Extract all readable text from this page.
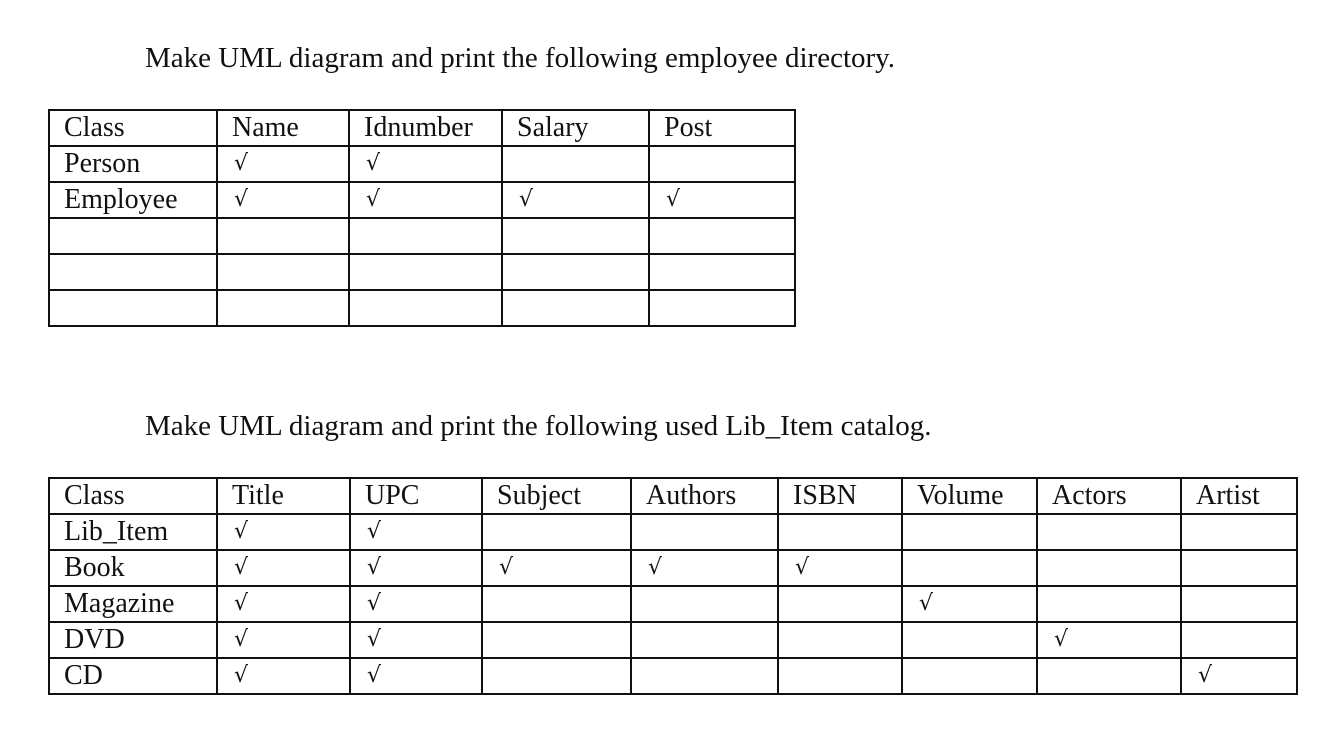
Make UML diagram and print the following employee directory.
Class	Name	Idnumber	Salary	Post
Person	√	√		
Employee	√	√	√	√

Make UML diagram and print the following used Lib_Item catalog.
Class	Title	UPC	Subject	Authors	ISBN	Volume	Actors	Artist
Lib_Item	√	√						
Book	√	√	√	√	√			
Magazine	√	√				√		
DVD	√	√					√	
CD	√	√						√
